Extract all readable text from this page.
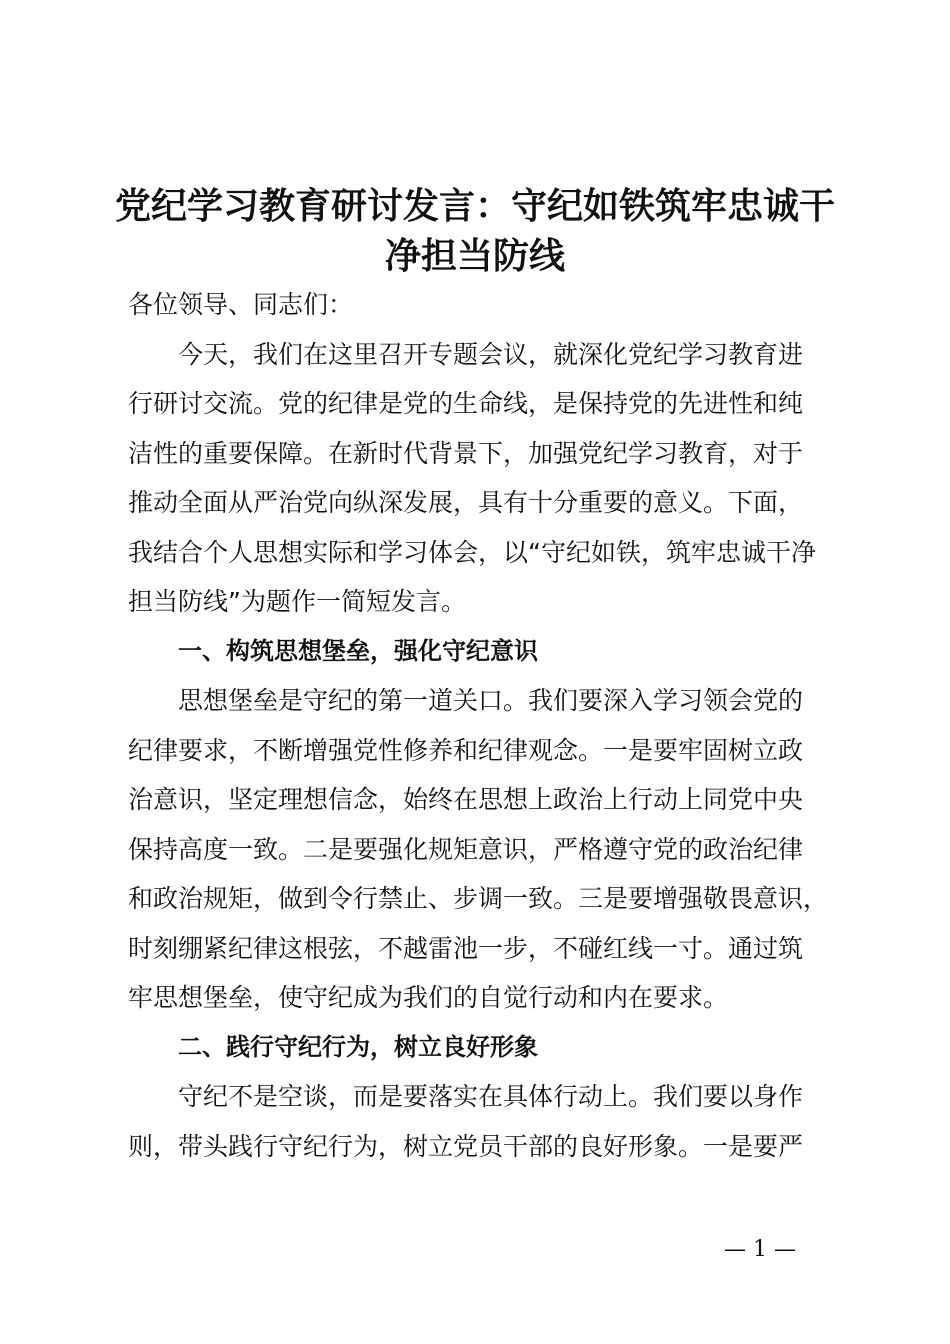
党纪学习教育研讨发言：守纪如铁筑牢忠诚干
净担当防线
各位领导、同志们：
今天，我们在这里召开专题会议，就深化党纪学习教育进
行研讨交流。党的纪律是党的生命线，是保持党的先进性和纯
洁性的重要保障。在新时代背景下，加强党纪学习教育，对于
推动全面从严治党向纵深发展，具有十分重要的意义。下面，
我结合个人思想实际和学习体会，以“守纪如铁，筑牢忠诚干净
担当防线”为题作一简短发言。
一、构筑思想堡垒，强化守纪意识
思想堡垒是守纪的第一道关口。我们要深入学习领会党的
纪律要求，不断增强党性修养和纪律观念。一是要牢固树立政
治意识，坚定理想信念，始终在思想上政治上行动上同党中央
保持高度一致。二是要强化规矩意识，严格遵守党的政治纪律
和政治规矩，做到令行禁止、步调一致。三是要增强敬畏意识，
时刻绷紧纪律这根弦，不越雷池一步，不碰红线一寸。通过筑
牢思想堡垒，使守纪成为我们的自觉行动和内在要求。
二、践行守纪行为，树立良好形象
守纪不是空谈，而是要落实在具体行动上。我们要以身作
则，带头践行守纪行为，树立党员干部的良好形象。一是要严
— 1 —
